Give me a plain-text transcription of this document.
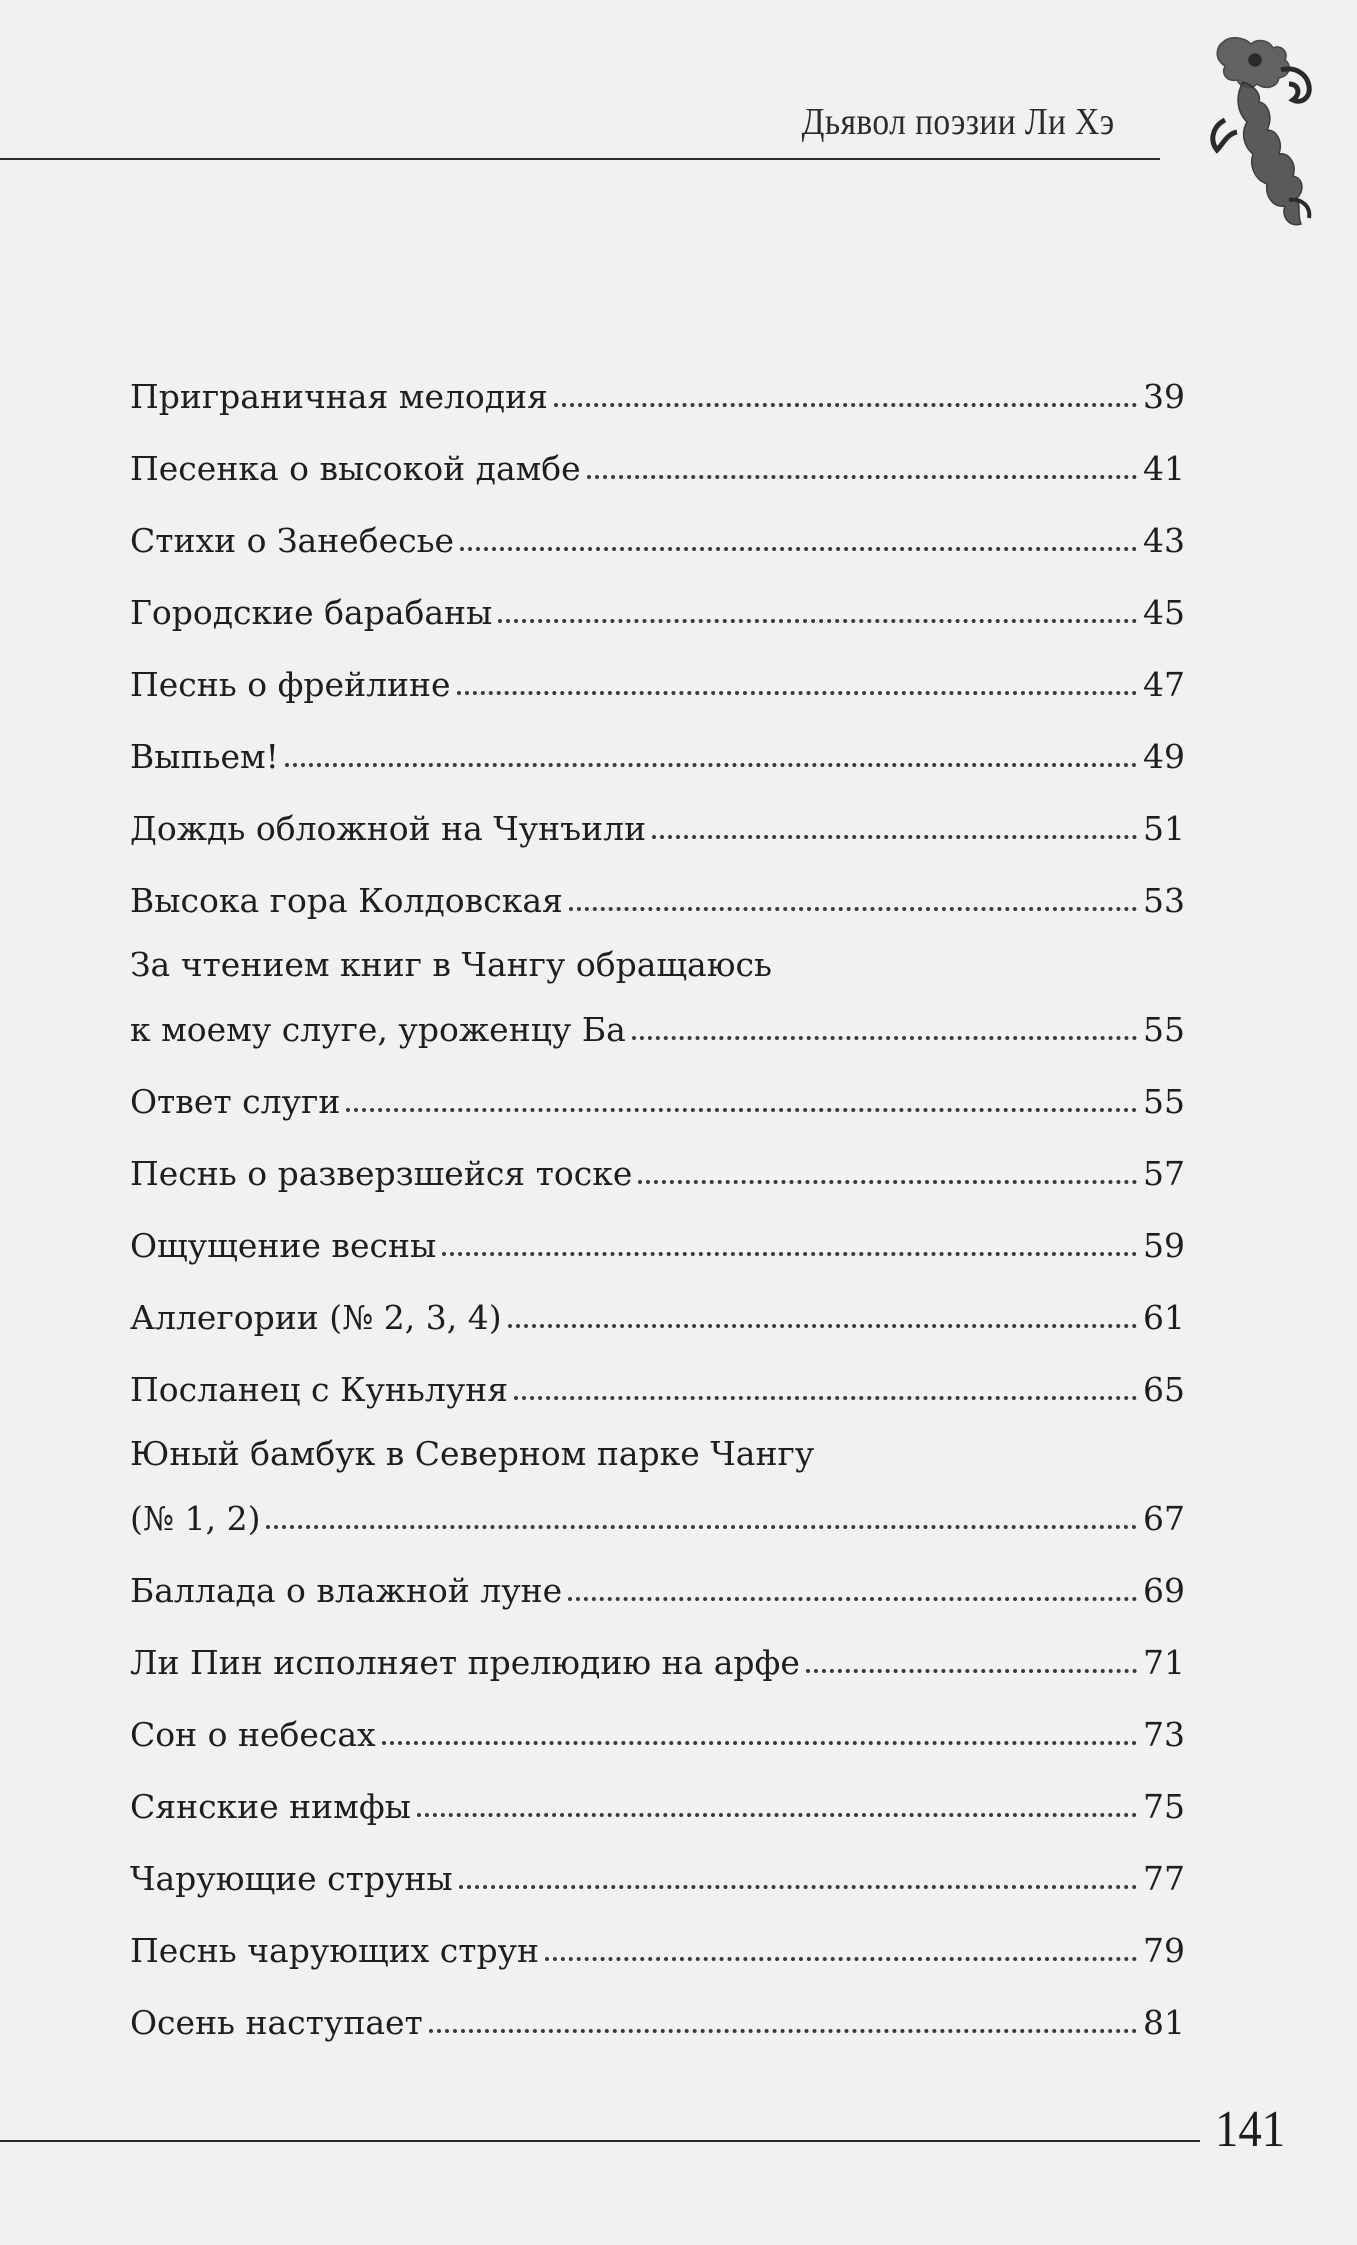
Дьявол поэзии Ли Хэ
Приграничная мелодия	39
Песенка о высокой дамбе	41
Стихи о Занебесье	43
Городские барабаны	45
Песнь о фрейлине	47
Выпьем!	49
Дождь обложной на Чунъили	51
Высока гора Колдовская	53
За чтением книг в Чангу обращаюсь
к моему слуге, уроженцу Ба	55
Ответ слуги	55
Песнь о разверзшейся тоске	57
Ощущение весны	59
Аллегории (№ 2, 3, 4)	61
Посланец с Куньлуня	65
Юный бамбук в Северном парке Чангу
(№ 1, 2)	67
Баллада о влажной луне	69
Ли Пин исполняет прелюдию на арфе	71
Сон о небесах	73
Сянские нимфы	75
Чарующие струны	77
Песнь чарующих струн	79
Осень наступает	81
141
